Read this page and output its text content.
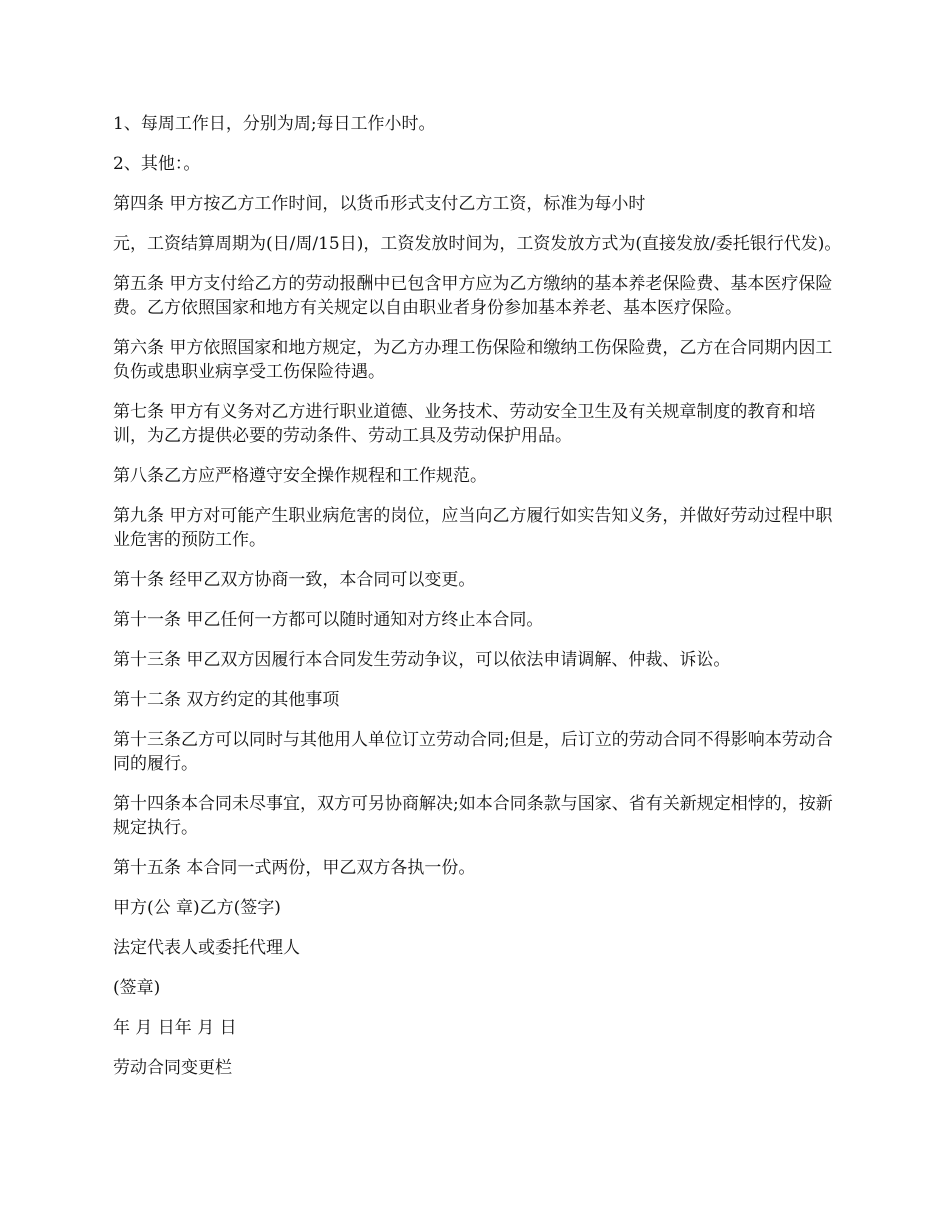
1、每周工作日，分别为周;每日工作小时。

2、其他：。

第四条 甲方按乙方工作时间，以货币形式支付乙方工资，标准为每小时

元，工资结算周期为(日/周/15日)，工资发放时间为，工资发放方式为(直接发放/委托银行代发)。

第五条 甲方支付给乙方的劳动报酬中已包含甲方应为乙方缴纳的基本养老保险费、基本医疗保险费。乙方依照国家和地方有关规定以自由职业者身份参加基本养老、基本医疗保险。

第六条 甲方依照国家和地方规定，为乙方办理工伤保险和缴纳工伤保险费，乙方在合同期内因工负伤或患职业病享受工伤保险待遇。

第七条 甲方有义务对乙方进行职业道德、业务技术、劳动安全卫生及有关规章制度的教育和培训，为乙方提供必要的劳动条件、劳动工具及劳动保护用品。

第八条乙方应严格遵守安全操作规程和工作规范。

第九条 甲方对可能产生职业病危害的岗位，应当向乙方履行如实告知义务，并做好劳动过程中职业危害的预防工作。

第十条 经甲乙双方协商一致，本合同可以变更。

第十一条 甲乙任何一方都可以随时通知对方终止本合同。

第十三条 甲乙双方因履行本合同发生劳动争议，可以依法申请调解、仲裁、诉讼。

第十二条 双方约定的其他事项

第十三条乙方可以同时与其他用人单位订立劳动合同;但是，后订立的劳动合同不得影响本劳动合同的履行。

第十四条本合同未尽事宜，双方可另协商解决;如本合同条款与国家、省有关新规定相悖的，按新规定执行。

第十五条 本合同一式两份，甲乙双方各执一份。

甲方(公 章)乙方(签字)

法定代表人或委托代理人

(签章)

年 月 日年 月 日

劳动合同变更栏
